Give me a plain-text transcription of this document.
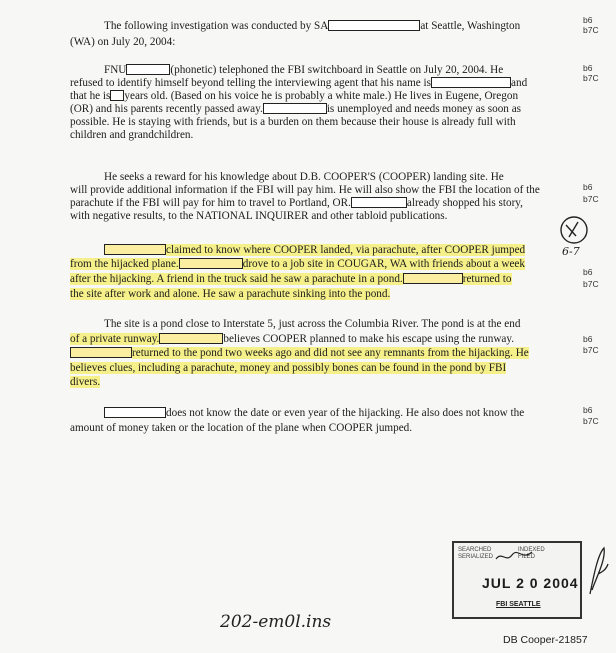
The following investigation was conducted by SA	at Seattle, Washington
(WA) on July 20, 2004:
b6
b7C
FNU	(phonetic) telephoned the FBI switchboard in Seattle on July 20, 2004. He
refused to identify himself beyond telling the interviewing agent that his name is	and
that he is years old. (Based on his voice he is probably a white male.) He lives in Eugene, Oregon
(OR) and his parents recently passed away.	is unemployed and needs money as soon as
possible. He is staying with friends, but is a burden on them because their house is already full with
children and grandchildren.
b6
b7C
He seeks a reward for his knowledge about D.B. COOPER'S (COOPER) landing site. He
will provide additional information if the FBI will pay him. He will also show the FBI the location of the
parachute if the FBI will pay for him to travel to Portland, OR.	already shopped his story,
with negative results, to the NATIONAL INQUIRER and other tabloid publications.
b6
b7C
claimed to know where COOPER landed, via parachute, after COOPER jumped
from the hijacked plane.	drove to a job site in COUGAR, WA with friends about a week
after the hijacking. A friend in the truck said he saw a parachute in a pond.	returned to
the site after work and alone. He saw a parachute sinking into the pond.
b6
b7C
6-7
The site is a pond close to Interstate 5, just across the Columbia River. The pond is at the end
of a private runway.	believes COOPER planned to make his escape using the runway.
returned to the pond two weeks ago and did not see any remnants from the hijacking. He
believes clues, including a parachute, money and possibly bones can be found in the pond by FBI
divers.
b6
b7C
does not know the date or even year of the hijacking. He also does not know the
amount of money taken or the location of the plane when COOPER jumped.
b6
b7C
202-em0l.ins
SEARCHED
SERIALIZED
INDEXED
FILED
JUL 2 0 2004
FBI SEATTLE
DB Cooper-21857
